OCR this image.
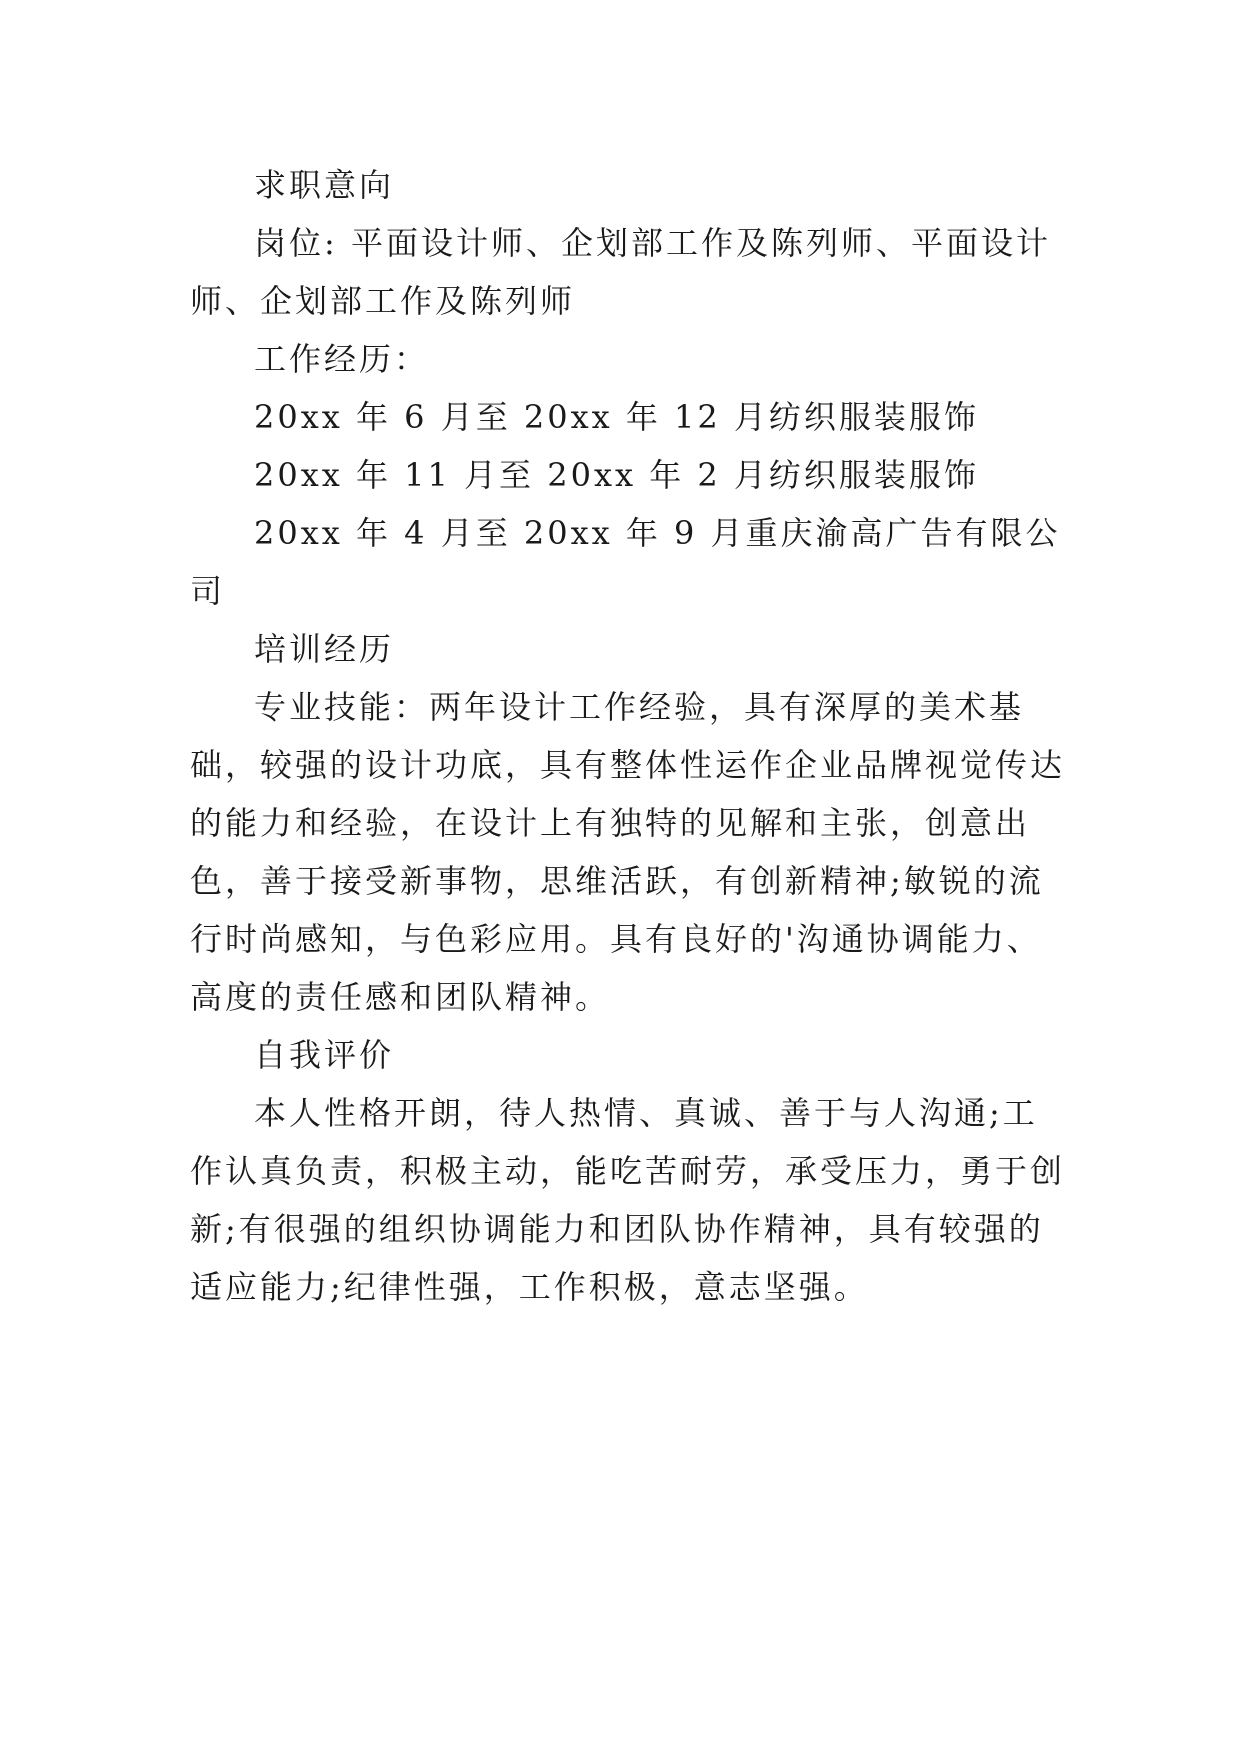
求职意向

岗位: 平面设计师、企划部工作及陈列师、平面设计师、企划部工作及陈列师

工作经历：

20xx 年 6 月至 20xx 年 12 月纺织服装服饰

20xx 年 11 月至 20xx 年 2 月纺织服装服饰

20xx 年 4 月至 20xx 年 9 月重庆渝高广告有限公司

培训经历

专业技能：两年设计工作经验，具有深厚的美术基础，较强的设计功底，具有整体性运作企业品牌视觉传达的能力和经验，在设计上有独特的见解和主张，创意出色，善于接受新事物，思维活跃，有创新精神;敏锐的流行时尚感知，与色彩应用。具有良好的'沟通协调能力、高度的责任感和团队精神。

自我评价

本人性格开朗，待人热情、真诚、善于与人沟通;工作认真负责，积极主动，能吃苦耐劳，承受压力，勇于创新;有很强的组织协调能力和团队协作精神，具有较强的适应能力;纪律性强，工作积极，意志坚强。
